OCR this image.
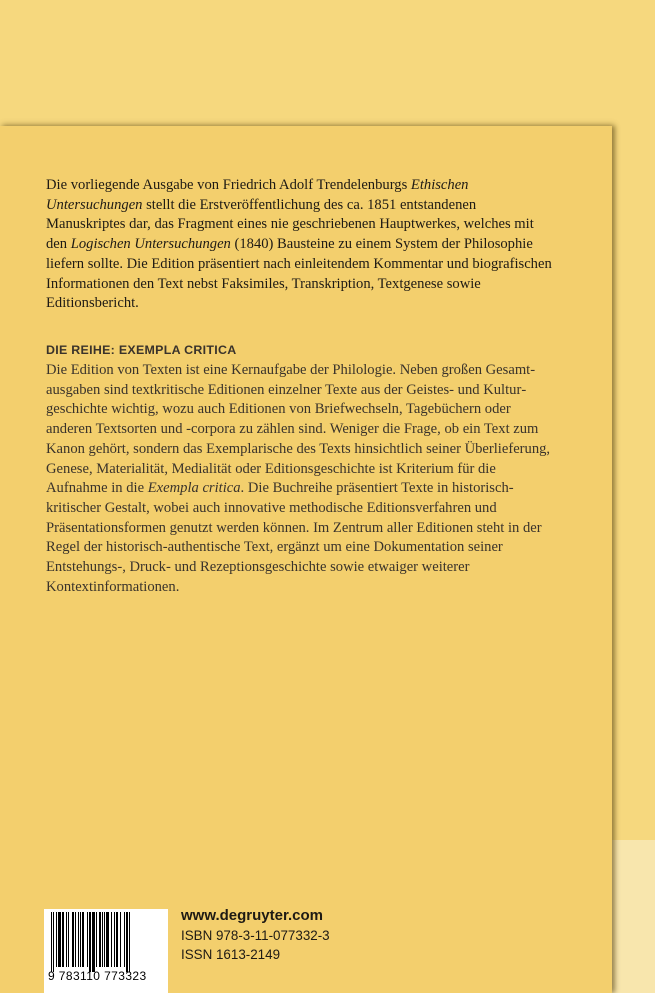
Die vorliegende Ausgabe von Friedrich Adolf Trendelenburgs Ethischen Untersuchungen stellt die Erstveröffentlichung des ca. 1851 entstandenen Manuskriptes dar, das Fragment eines nie geschriebenen Hauptwerkes, welches mit den Logischen Untersuchungen (1840) Bausteine zu einem System der Philosophie liefern sollte. Die Edition präsentiert nach einleitendem Kommentar und biografischen Informationen den Text nebst Faksimiles, Transkription, Textgenese sowie Editionsbericht.

DIE REIHE: EXEMPLA CRITICA

Die Edition von Texten ist eine Kernaufgabe der Philologie. Neben großen Gesamtausgaben sind textkritische Editionen einzelner Texte aus der Geistes- und Kulturgeschichte wichtig, wozu auch Editionen von Briefwechseln, Tagebüchern oder anderen Textsorten und -corpora zu zählen sind. Weniger die Frage, ob ein Text zum Kanon gehört, sondern das Exemplarische des Texts hinsichtlich seiner Überlieferung, Genese, Materialität, Medialität oder Editionsgeschichte ist Kriterium für die Aufnahme in die Exempla critica. Die Buchreihe präsentiert Texte in historisch-kritischer Gestalt, wobei auch innovative methodische Editionsverfahren und Präsentationsformen genutzt werden können. Im Zentrum aller Editionen steht in der Regel der historisch-authentische Text, ergänzt um eine Dokumentation seiner Entstehungs-, Druck- und Rezeptionsgeschichte sowie etwaiger weiterer Kontextinformationen.

9 783110 773323
www.degruyter.com
ISBN 978-3-11-077332-3
ISSN 1613-2149
